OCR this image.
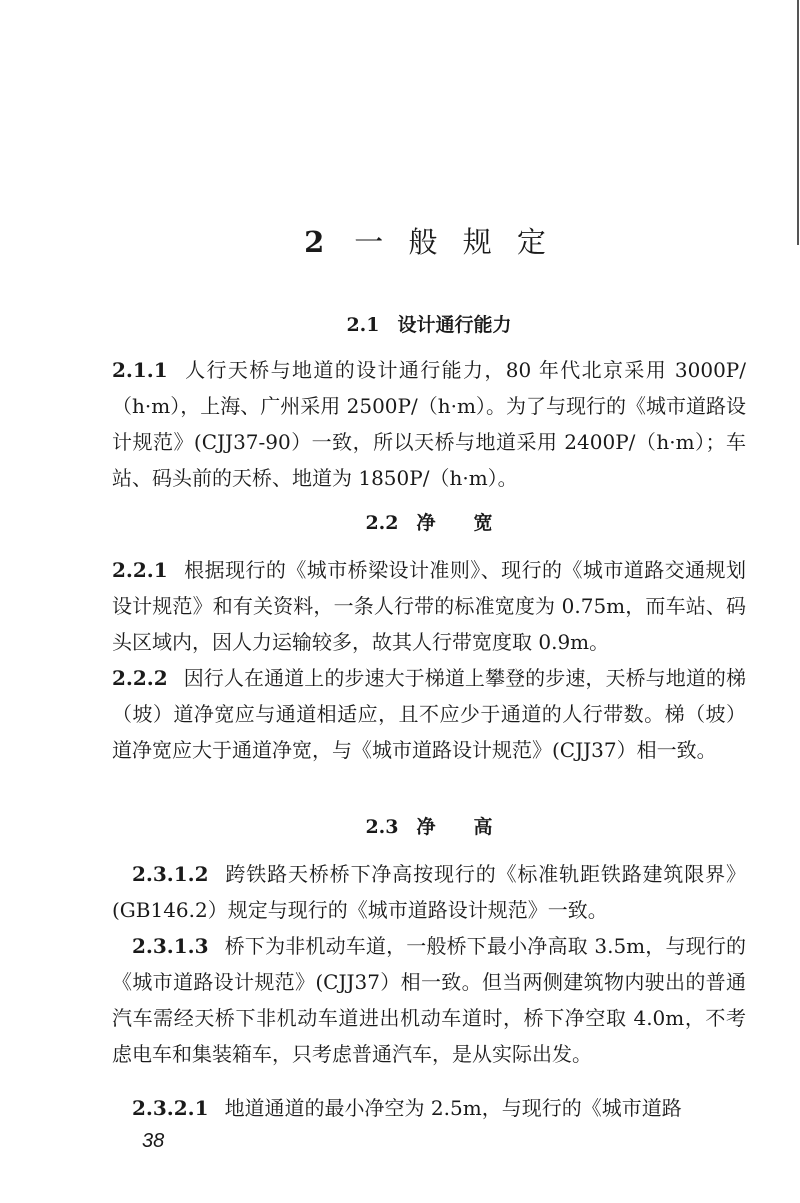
2 一 般 规 定
2.1 设计通行能力

2.1.1 人行天桥与地道的设计通行能力，80 年代北京采用 3000P/（h·m），上海、广州采用 2500P/（h·m）。为了与现行的《城市道路设计规范》(CJJ37-90）一致，所以天桥与地道采用 2400P/（h·m）；车站、码头前的天桥、地道为 1850P/（h·m）。

2.2 净宽

2.2.1 根据现行的《城市桥梁设计准则》、现行的《城市道路交通规划设计规范》和有关资料，一条人行带的标准宽度为 0.75m，而车站、码头区域内，因人力运输较多，故其人行带宽度取 0.9m。

2.2.2 因行人在通道上的步速大于梯道上攀登的步速，天桥与地道的梯（坡）道净宽应与通道相适应，且不应少于通道的人行带数。梯（坡）道净宽应大于通道净宽，与《城市道路设计规范》(CJJ37）相一致。

2.3 净高

2.3.1.2 跨铁路天桥桥下净高按现行的《标准轨距铁路建筑限界》(GB146.2）规定与现行的《城市道路设计规范》一致。

2.3.1.3 桥下为非机动车道，一般桥下最小净高取 3.5m，与现行的《城市道路设计规范》(CJJ37）相一致。但当两侧建筑物内驶出的普通汽车需经天桥下非机动车道进出机动车道时，桥下净空取 4.0m，不考虑电车和集装箱车，只考虑普通汽车，是从实际出发。

2.3.2.1 地道通道的最小净空为 2.5m，与现行的《城市道路

38
